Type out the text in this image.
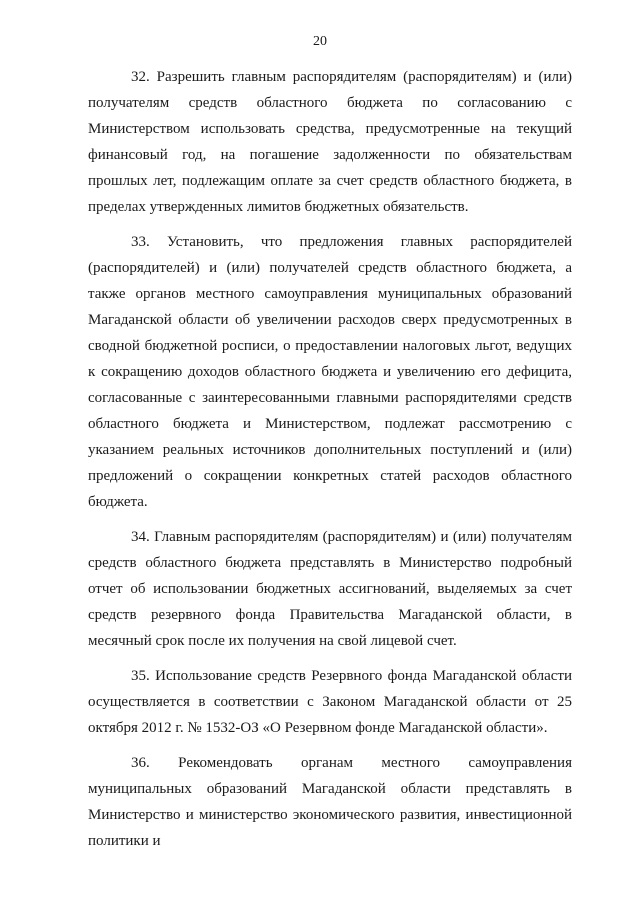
20

32. Разрешить главным распорядителям (распорядителям) и (или) получателям средств областного бюджета по согласованию с Министерством использовать средства, предусмотренные на текущий финансовый год, на погашение задолженности по обязательствам прошлых лет, подлежащим оплате за счет средств областного бюджета, в пределах утвержденных лимитов бюджетных обязательств.

33. Установить, что предложения главных распорядителей (распорядителей) и (или) получателей средств областного бюджета, а также органов местного самоуправления муниципальных образований Магаданской области об увеличении расходов сверх предусмотренных в сводной бюджетной росписи, о предоставлении налоговых льгот, ведущих к сокращению доходов областного бюджета и увеличению его дефицита, согласованные с заинтересованными главными распорядителями средств областного бюджета и Министерством, подлежат рассмотрению с указанием реальных источников дополнительных поступлений и (или) предложений о сокращении конкретных статей расходов областного бюджета.

34. Главным распорядителям (распорядителям) и (или) получателям средств областного бюджета представлять в Министерство подробный отчет об использовании бюджетных ассигнований, выделяемых за счет средств резервного фонда Правительства Магаданской области, в месячный срок после их получения на свой лицевой счет.

35. Использование средств Резервного фонда Магаданской области осуществляется в соответствии с Законом Магаданской области от 25 октября 2012 г. № 1532-ОЗ «О Резервном фонде Магаданской области».

36. Рекомендовать органам местного самоуправления муниципальных образований Магаданской области представлять в Министерство и министерство экономического развития, инвестиционной политики и
